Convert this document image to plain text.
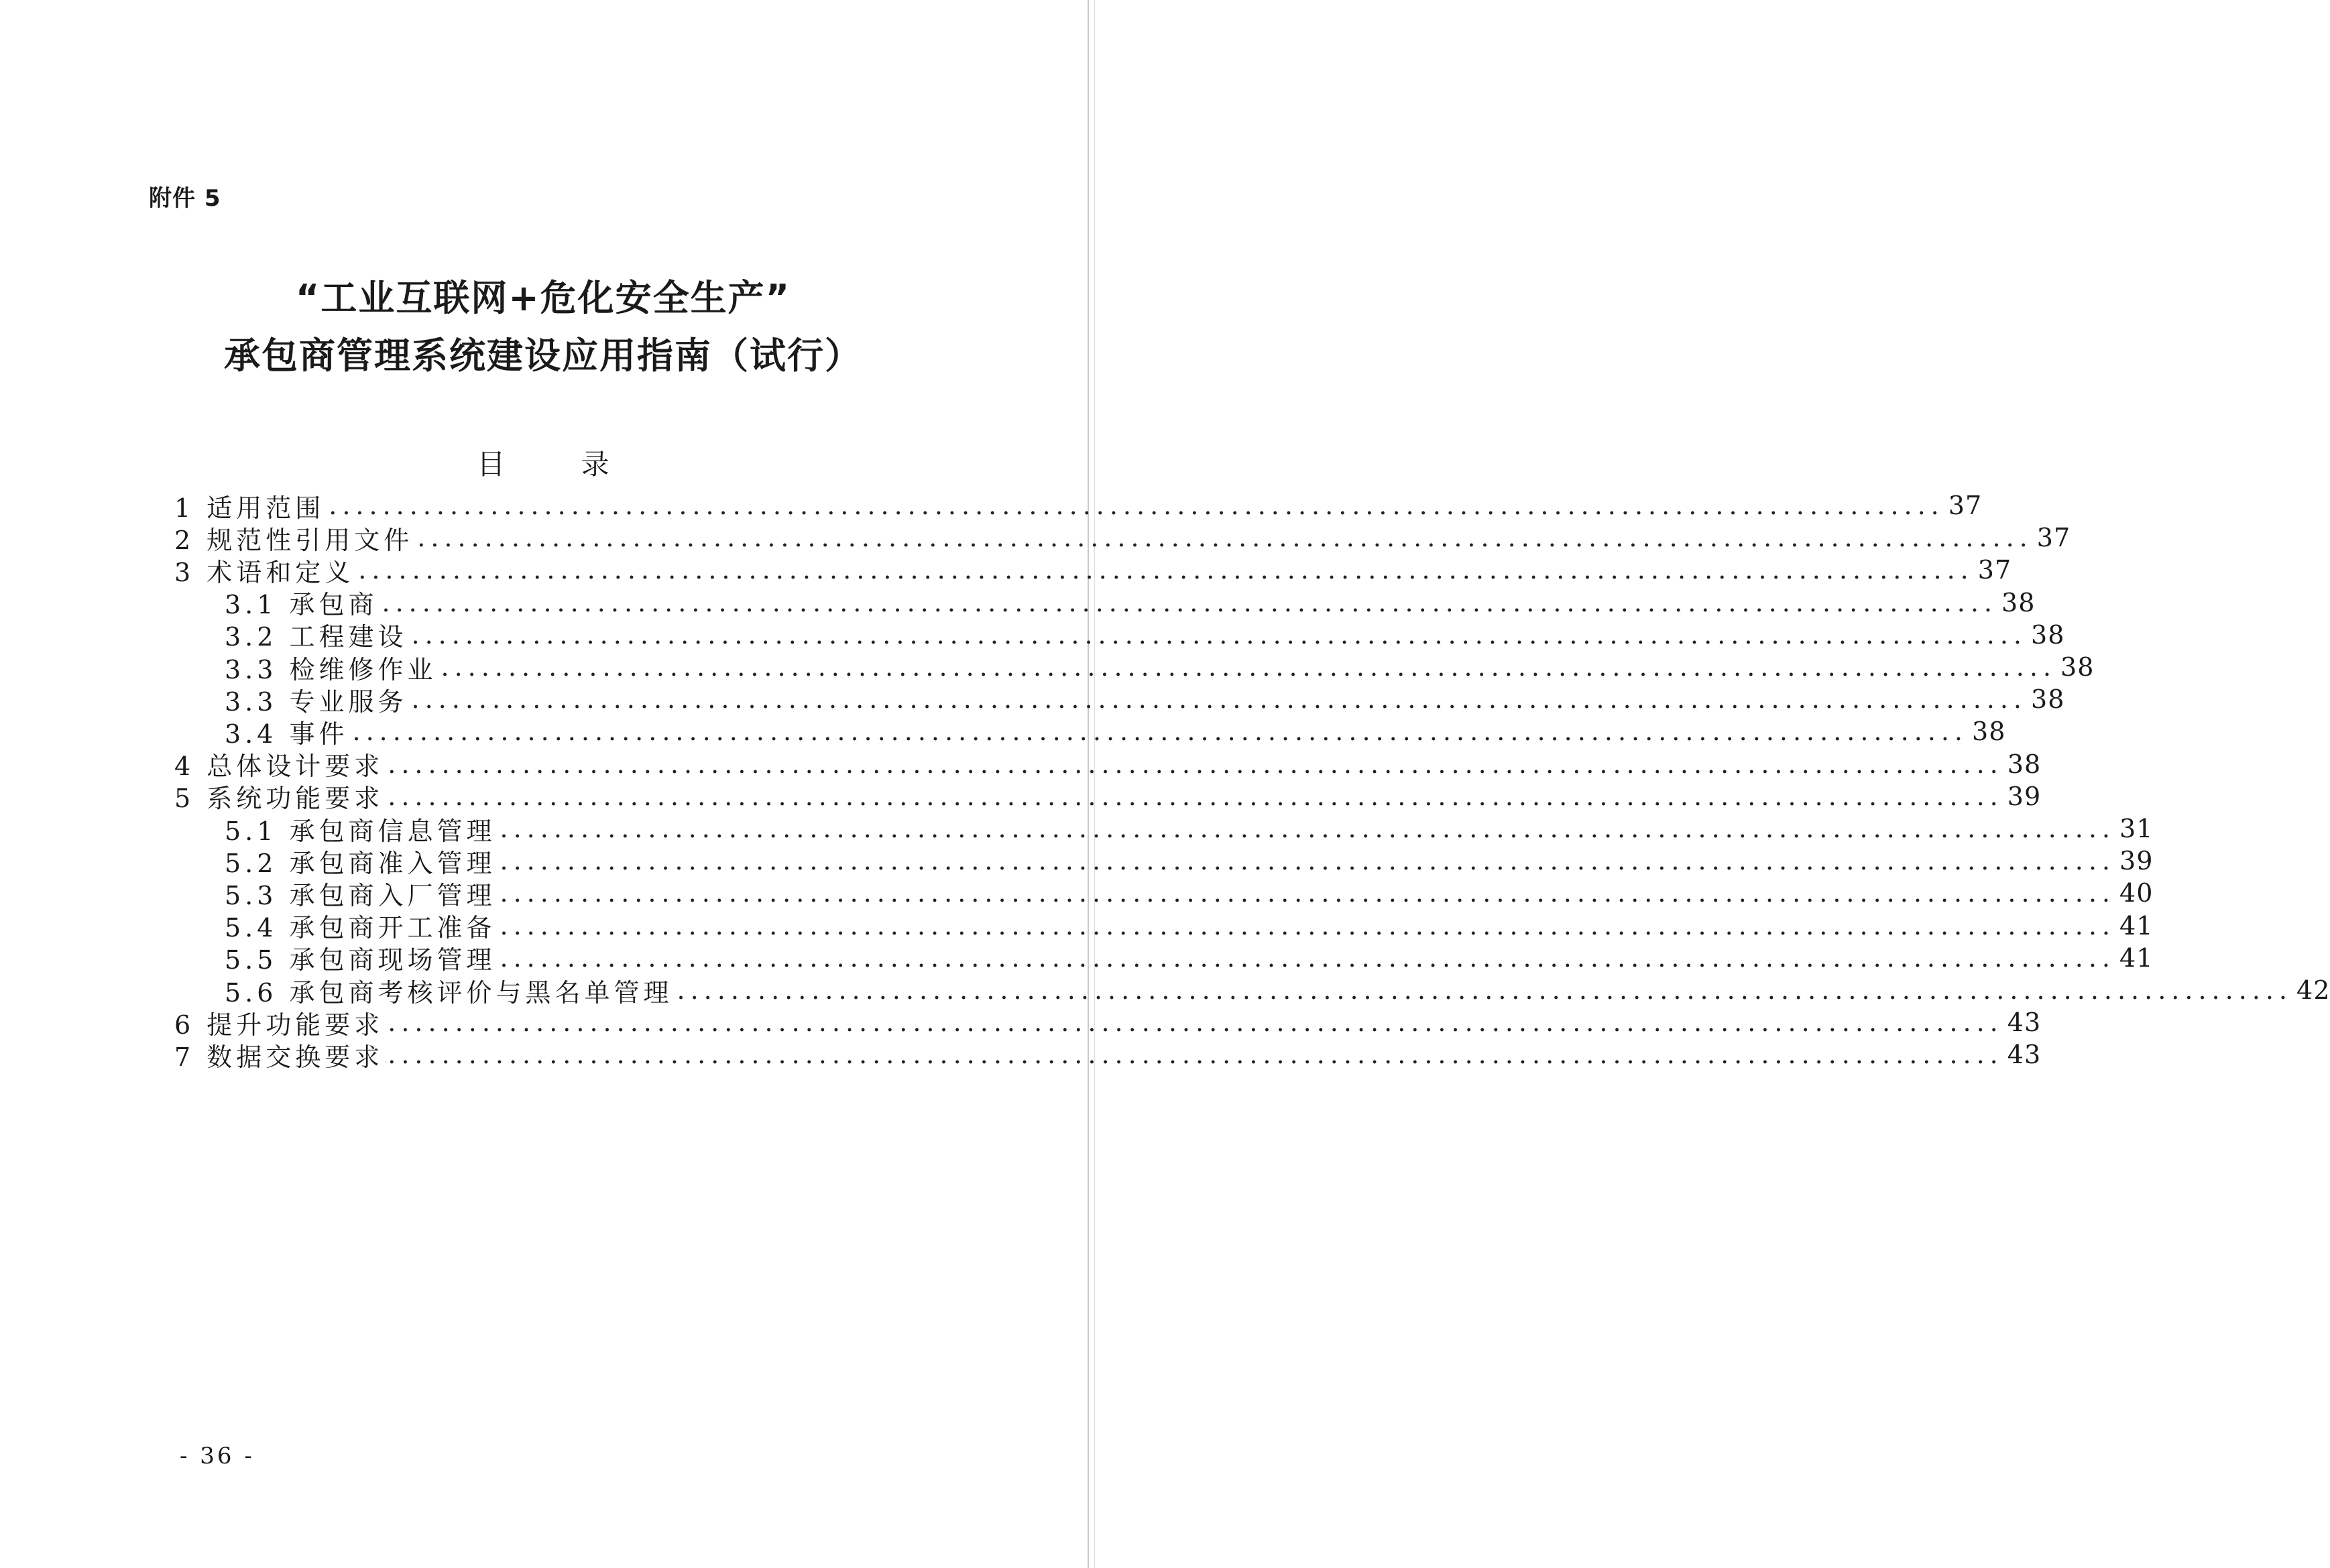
附件 5
“工业互联网+危化安全生产”
承包商管理系统建设应用指南（试行）
目 录
1 适用范围 ........................................................................................................................ 37
2 规范性引用文件 ........................................................................................................................ 37
3 术语和定义 ........................................................................................................................ 37
3.1 承包商 ........................................................................................................................ 38
3.2 工程建设 ........................................................................................................................ 38
3.3 检维修作业 ........................................................................................................................ 38
3.3 专业服务 ........................................................................................................................ 38
3.4 事件 ........................................................................................................................ 38
4 总体设计要求 ........................................................................................................................ 38
5 系统功能要求 ........................................................................................................................ 39
5.1 承包商信息管理 ........................................................................................................................ 31
5.2 承包商准入管理 ........................................................................................................................ 39
5.3 承包商入厂管理 ........................................................................................................................ 40
5.4 承包商开工准备 ........................................................................................................................ 41
5.5 承包商现场管理 ........................................................................................................................ 41
5.6 承包商考核评价与黑名单管理 ........................................................................................................................ 42
6 提升功能要求 ........................................................................................................................ 43
7 数据交换要求 ........................................................................................................................ 43
- 36 -
